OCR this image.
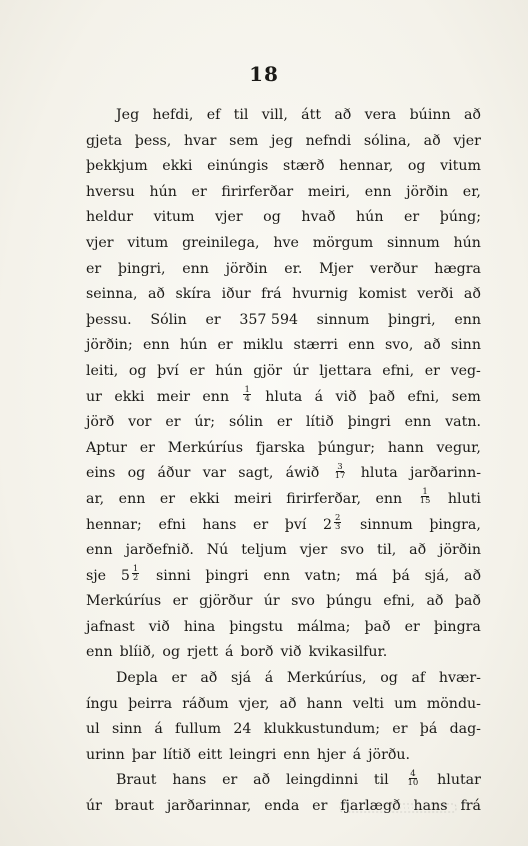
18
Jeg hefdi, ef til vill, átt að vera búinn að
gjeta þess, hvar sem jeg nefndi sólina, að vjer
þekkjum ekki einúngis stærð hennar, og vitum
hversu hún er firirferðar meiri, enn jörðin er,
heldur vitum vjer og hvað hún er þúng;
vjer vitum greinilega, hve mörgum sinnum hún
er þingri, enn jörðin er. Mjer verður hægra
seinna, að skíra iður frá hvurnig komist verði að
þessu. Sólin er 357 594 sinnum þingri, enn
jörðin; enn hún er miklu stærri enn svo, að sinn
leiti, og því er hún gjör úr ljettara efni, er veg-
ur ekki meir enn $\frac{1}{4}$ hluta á við það efni, sem
jörð vor er úr; sólin er lítið þingri enn vatn.
Aptur er Merkúríus fjarska þúngur; hann vegur,
eins og áður var sagt, áwið $\frac{3}{17}$ hluta jarðarinn-
ar, enn er ekki meiri firirferðar, enn $\frac{1}{15}$ hluti
hennar; efni hans er því $2 \frac{2}{3}$ sinnum þingra,
enn jarðefnið. Nú teljum vjer svo til, að jörðin
sje $5 \frac{1}{2}$ sinni þingri enn vatn; má þá sjá, að
Merkúríus er gjörður úr svo þúngu efni, að það
jafnast við hina þingstu málma; það er þingra
enn blíið, og rjett á borð við kvikasilfur.
Depla er að sjá á Merkúríus, og af hvær-
íngu þeirra ráðum vjer, að hann velti um möndu-
ul sinn á fullum 24 klukkustundum; er þá dag-
urinn þar lítið eitt leingri enn hjer á jörðu.
Braut hans er að leingdinni til $\frac{4}{10}$ hlutar
úr braut jarðarinnar, enda er fjarlægð hans frá
